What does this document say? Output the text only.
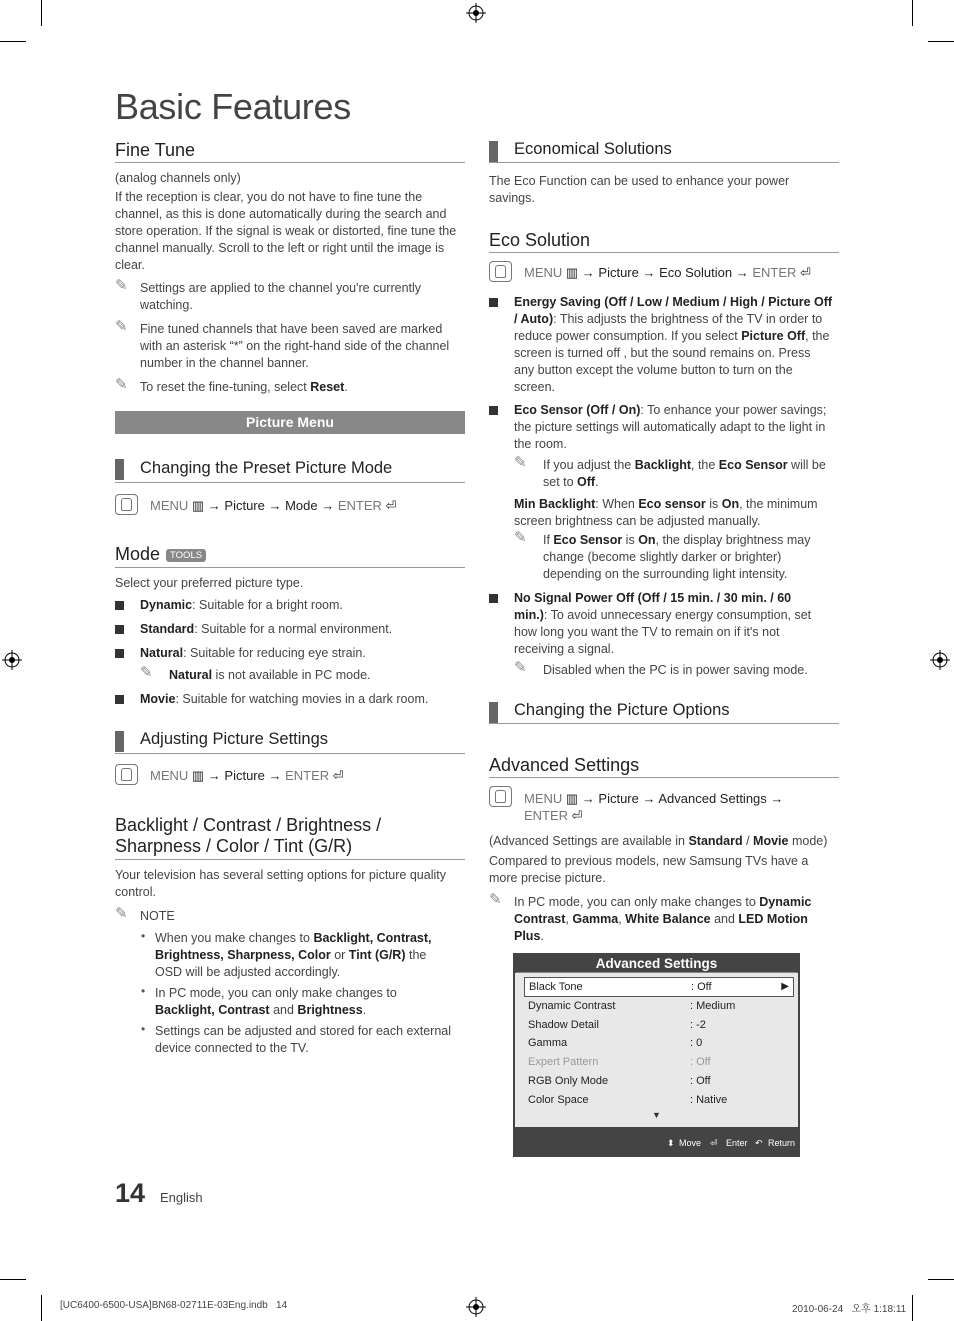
Basic Features
Fine Tune
(analog channels only)
If the reception is clear, you do not have to fine tune the channel, as this is done automatically during the search and store operation. If the signal is weak or distorted, fine tune the channel manually. Scroll to the left or right until the image is clear.
✎ Settings are applied to the channel you're currently watching.
✎ Fine tuned channels that have been saved are marked with an asterisk “*” on the right-hand side of the channel number in the channel banner.
✎ To reset the fine-tuning, select Reset.
Picture Menu
Changing the Preset Picture Mode
MENU ▥ → Picture → Mode → ENTER ⏎
Mode TOOLS
Select your preferred picture type.
Dynamic: Suitable for a bright room.
Standard: Suitable for a normal environment.
Natural: Suitable for reducing eye strain.
✎ Natural is not available in PC mode.
Movie: Suitable for watching movies in a dark room.
Adjusting Picture Settings
MENU ▥ → Picture → ENTER ⏎
Backlight / Contrast / Brightness /
Sharpness / Color / Tint (G/R)
Your television has several setting options for picture quality control.
✎ NOTE
• When you make changes to Backlight, Contrast, Brightness, Sharpness, Color or Tint (G/R) the OSD will be adjusted accordingly.
• In PC mode, you can only make changes to Backlight, Contrast and Brightness.
• Settings can be adjusted and stored for each external device connected to the TV.
14 English
Economical Solutions
The Eco Function can be used to enhance your power savings.
Eco Solution
MENU ▥ → Picture → Eco Solution → ENTER ⏎
Energy Saving (Off / Low / Medium / High / Picture Off / Auto): This adjusts the brightness of the TV in order to reduce power consumption. If you select Picture Off, the screen is turned off , but the sound remains on. Press any button except the volume button to turn on the screen.
Eco Sensor (Off / On): To enhance your power savings; the picture settings will automatically adapt to the light in the room.
✎ If you adjust the Backlight, the Eco Sensor will be set to Off.
Min Backlight: When Eco sensor is On, the minimum screen brightness can be adjusted manually.
✎ If Eco Sensor is On, the display brightness may change (become slightly darker or brighter) depending on the surrounding light intensity.
No Signal Power Off (Off / 15 min. / 30 min. / 60 min.): To avoid unnecessary energy consumption, set how long you want the TV to remain on if it's not receiving a signal.
✎ Disabled when the PC is in power saving mode.
Changing the Picture Options
Advanced Settings
MENU ▥ → Picture → Advanced Settings → ENTER ⏎
(Advanced Settings are available in Standard / Movie mode)
Compared to previous models, new Samsung TVs have a more precise picture.
✎ In PC mode, you can only make changes to Dynamic Contrast, Gamma, White Balance and LED Motion Plus.
Advanced Settings
Black Tone	: Off	▶
Dynamic Contrast	: Medium
Shadow Detail	: -2
Gamma	: 0
Expert Pattern	: Off
RGB Only Mode	: Off
Color Space	: Native
▼
⬍ Move ⏎ Enter ↶ Return
[UC6400-6500-USA]BN68-02711E-03Eng.indb   14	2010-06-24   오후 1:18:11
